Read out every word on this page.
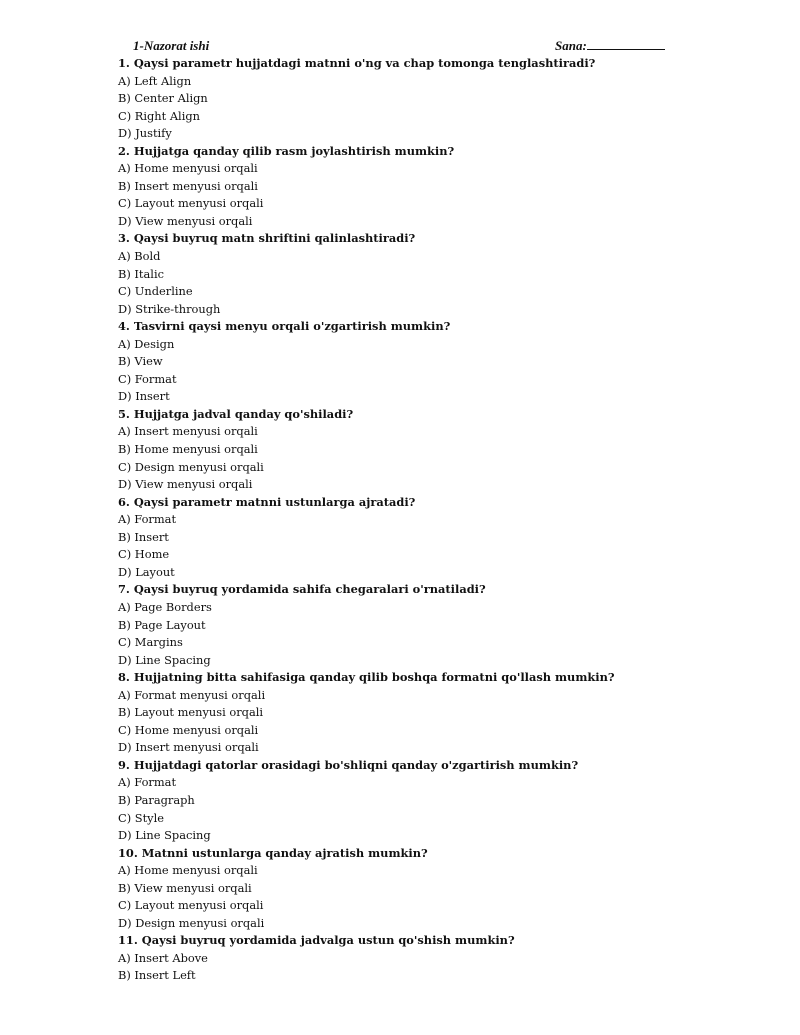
1-Nazorat ishi	Sana:
1. Qaysi parametr hujjatdagi matnni o'ng va chap tomonga tenglashtiradi?
A) Left Align
B) Center Align
C) Right Align
D) Justify
2. Hujjatga qanday qilib rasm joylashtirish mumkin?
A) Home menyusi orqali
B) Insert menyusi orqali
C) Layout menyusi orqali
D) View menyusi orqali
3. Qaysi buyruq matn shriftini qalinlashtiradi?
A) Bold
B) Italic
C) Underline
D) Strike-through
4. Tasvirni qaysi menyu orqali o'zgartirish mumkin?
A) Design
B) View
C) Format
D) Insert
5. Hujjatga jadval qanday qo'shiladi?
A) Insert menyusi orqali
B) Home menyusi orqali
C) Design menyusi orqali
D) View menyusi orqali
6. Qaysi parametr matnni ustunlarga ajratadi?
A) Format
B) Insert
C) Home
D) Layout
7. Qaysi buyruq yordamida sahifa chegaralari o'rnatiladi?
A) Page Borders
B) Page Layout
C) Margins
D) Line Spacing
8. Hujjatning bitta sahifasiga qanday qilib boshqa formatni qo'llash mumkin?
A) Format menyusi orqali
B) Layout menyusi orqali
C) Home menyusi orqali
D) Insert menyusi orqali
9. Hujjatdagi qatorlar orasidagi bo'shliqni qanday o'zgartirish mumkin?
A) Format
B) Paragraph
C) Style
D) Line Spacing
10. Matnni ustunlarga qanday ajratish mumkin?
A) Home menyusi orqali
B) View menyusi orqali
C) Layout menyusi orqali
D) Design menyusi orqali
11. Qaysi buyruq yordamida jadvalga ustun qo'shish mumkin?
A) Insert Above
B) Insert Left
